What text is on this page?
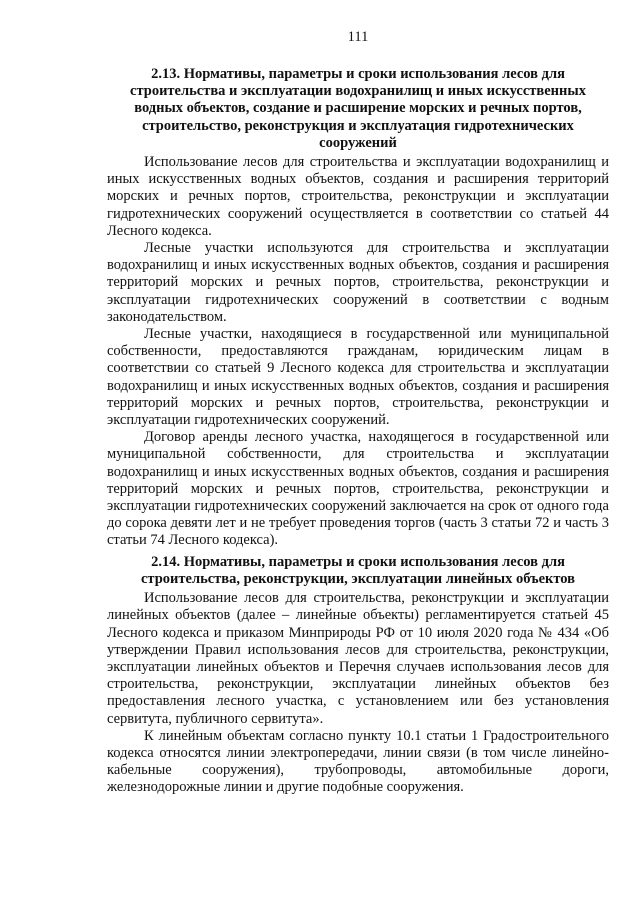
111
2.13. Нормативы, параметры и сроки использования лесов для строительства и эксплуатации водохранилищ и иных искусственных водных объектов, создание и расширение морских и речных портов, строительство, реконструкция и эксплуатация гидротехнических сооружений

Использование лесов для строительства и эксплуатации водохранилищ и иных искусственных водных объектов, создания и расширения территорий морских и речных портов, строительства, реконструкции и эксплуатации гидротехнических сооружений осуществляется в соответствии со статьей 44 Лесного кодекса.

Лесные участки используются для строительства и эксплуатации водохранилищ и иных искусственных водных объектов, создания и расширения территорий морских и речных портов, строительства, реконструкции и эксплуатации гидротехнических сооружений в соответствии с водным законодательством.

Лесные участки, находящиеся в государственной или муниципальной собственности, предоставляются гражданам, юридическим лицам в соответствии со статьей 9 Лесного кодекса для строительства и эксплуатации водохранилищ и иных искусственных водных объектов, создания и расширения территорий морских и речных портов, строительства, реконструкции и эксплуатации гидротехнических сооружений.

Договор аренды лесного участка, находящегося в государственной или муниципальной собственности, для строительства и эксплуатации водохранилищ и иных искусственных водных объектов, создания и расширения территорий морских и речных портов, строительства, реконструкции и эксплуатации гидротехнических сооружений заключается на срок от одного года до сорока девяти лет и не требует проведения торгов (часть 3 статьи 72 и часть 3 статьи 74 Лесного кодекса).

2.14. Нормативы, параметры и сроки использования лесов для строительства, реконструкции, эксплуатации линейных объектов

Использование лесов для строительства, реконструкции и эксплуатации линейных объектов (далее – линейные объекты) регламентируется статьей 45 Лесного кодекса и приказом Минприроды РФ от 10 июля 2020 года № 434 «Об утверждении Правил использования лесов для строительства, реконструкции, эксплуатации линейных объектов и Перечня случаев использования лесов для строительства, реконструкции, эксплуатации линейных объектов без предоставления лесного участка, с установлением или без установления сервитута, публичного сервитута».

К линейным объектам согласно пункту 10.1 статьи 1 Градостроительного кодекса относятся линии электропередачи, линии связи (в том числе линейно-кабельные сооружения), трубопроводы, автомобильные дороги, железнодорожные линии и другие подобные сооружения.
